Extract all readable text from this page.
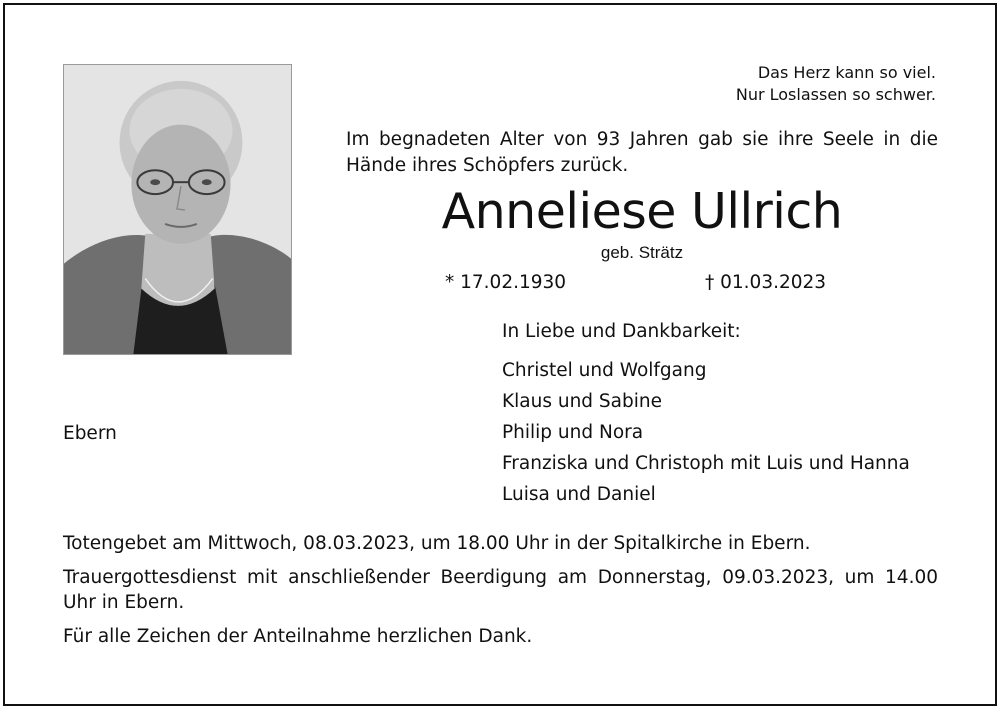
Das Herz kann so viel.
Nur Loslassen so schwer.
Im begnadeten Alter von 93 Jahren gab sie ihre Seele in die Hände ihres Schöpfers zurück.
Anneliese Ullrich
geb. Strätz
* 17.02.1930	† 01.03.2023
In Liebe und Dankbarkeit:
Christel und Wolfgang
Klaus und Sabine
Philip und Nora
Franziska und Christoph mit Luis und Hanna
Luisa und Daniel
Ebern

Totengebet am Mittwoch, 08.03.2023, um 18.00 Uhr in der Spitalkirche in Ebern.

Trauergottesdienst mit anschließender Beerdigung am Donnerstag, 09.03.2023, um 14.00 Uhr in Ebern.

Für alle Zeichen der Anteilnahme herzlichen Dank.
